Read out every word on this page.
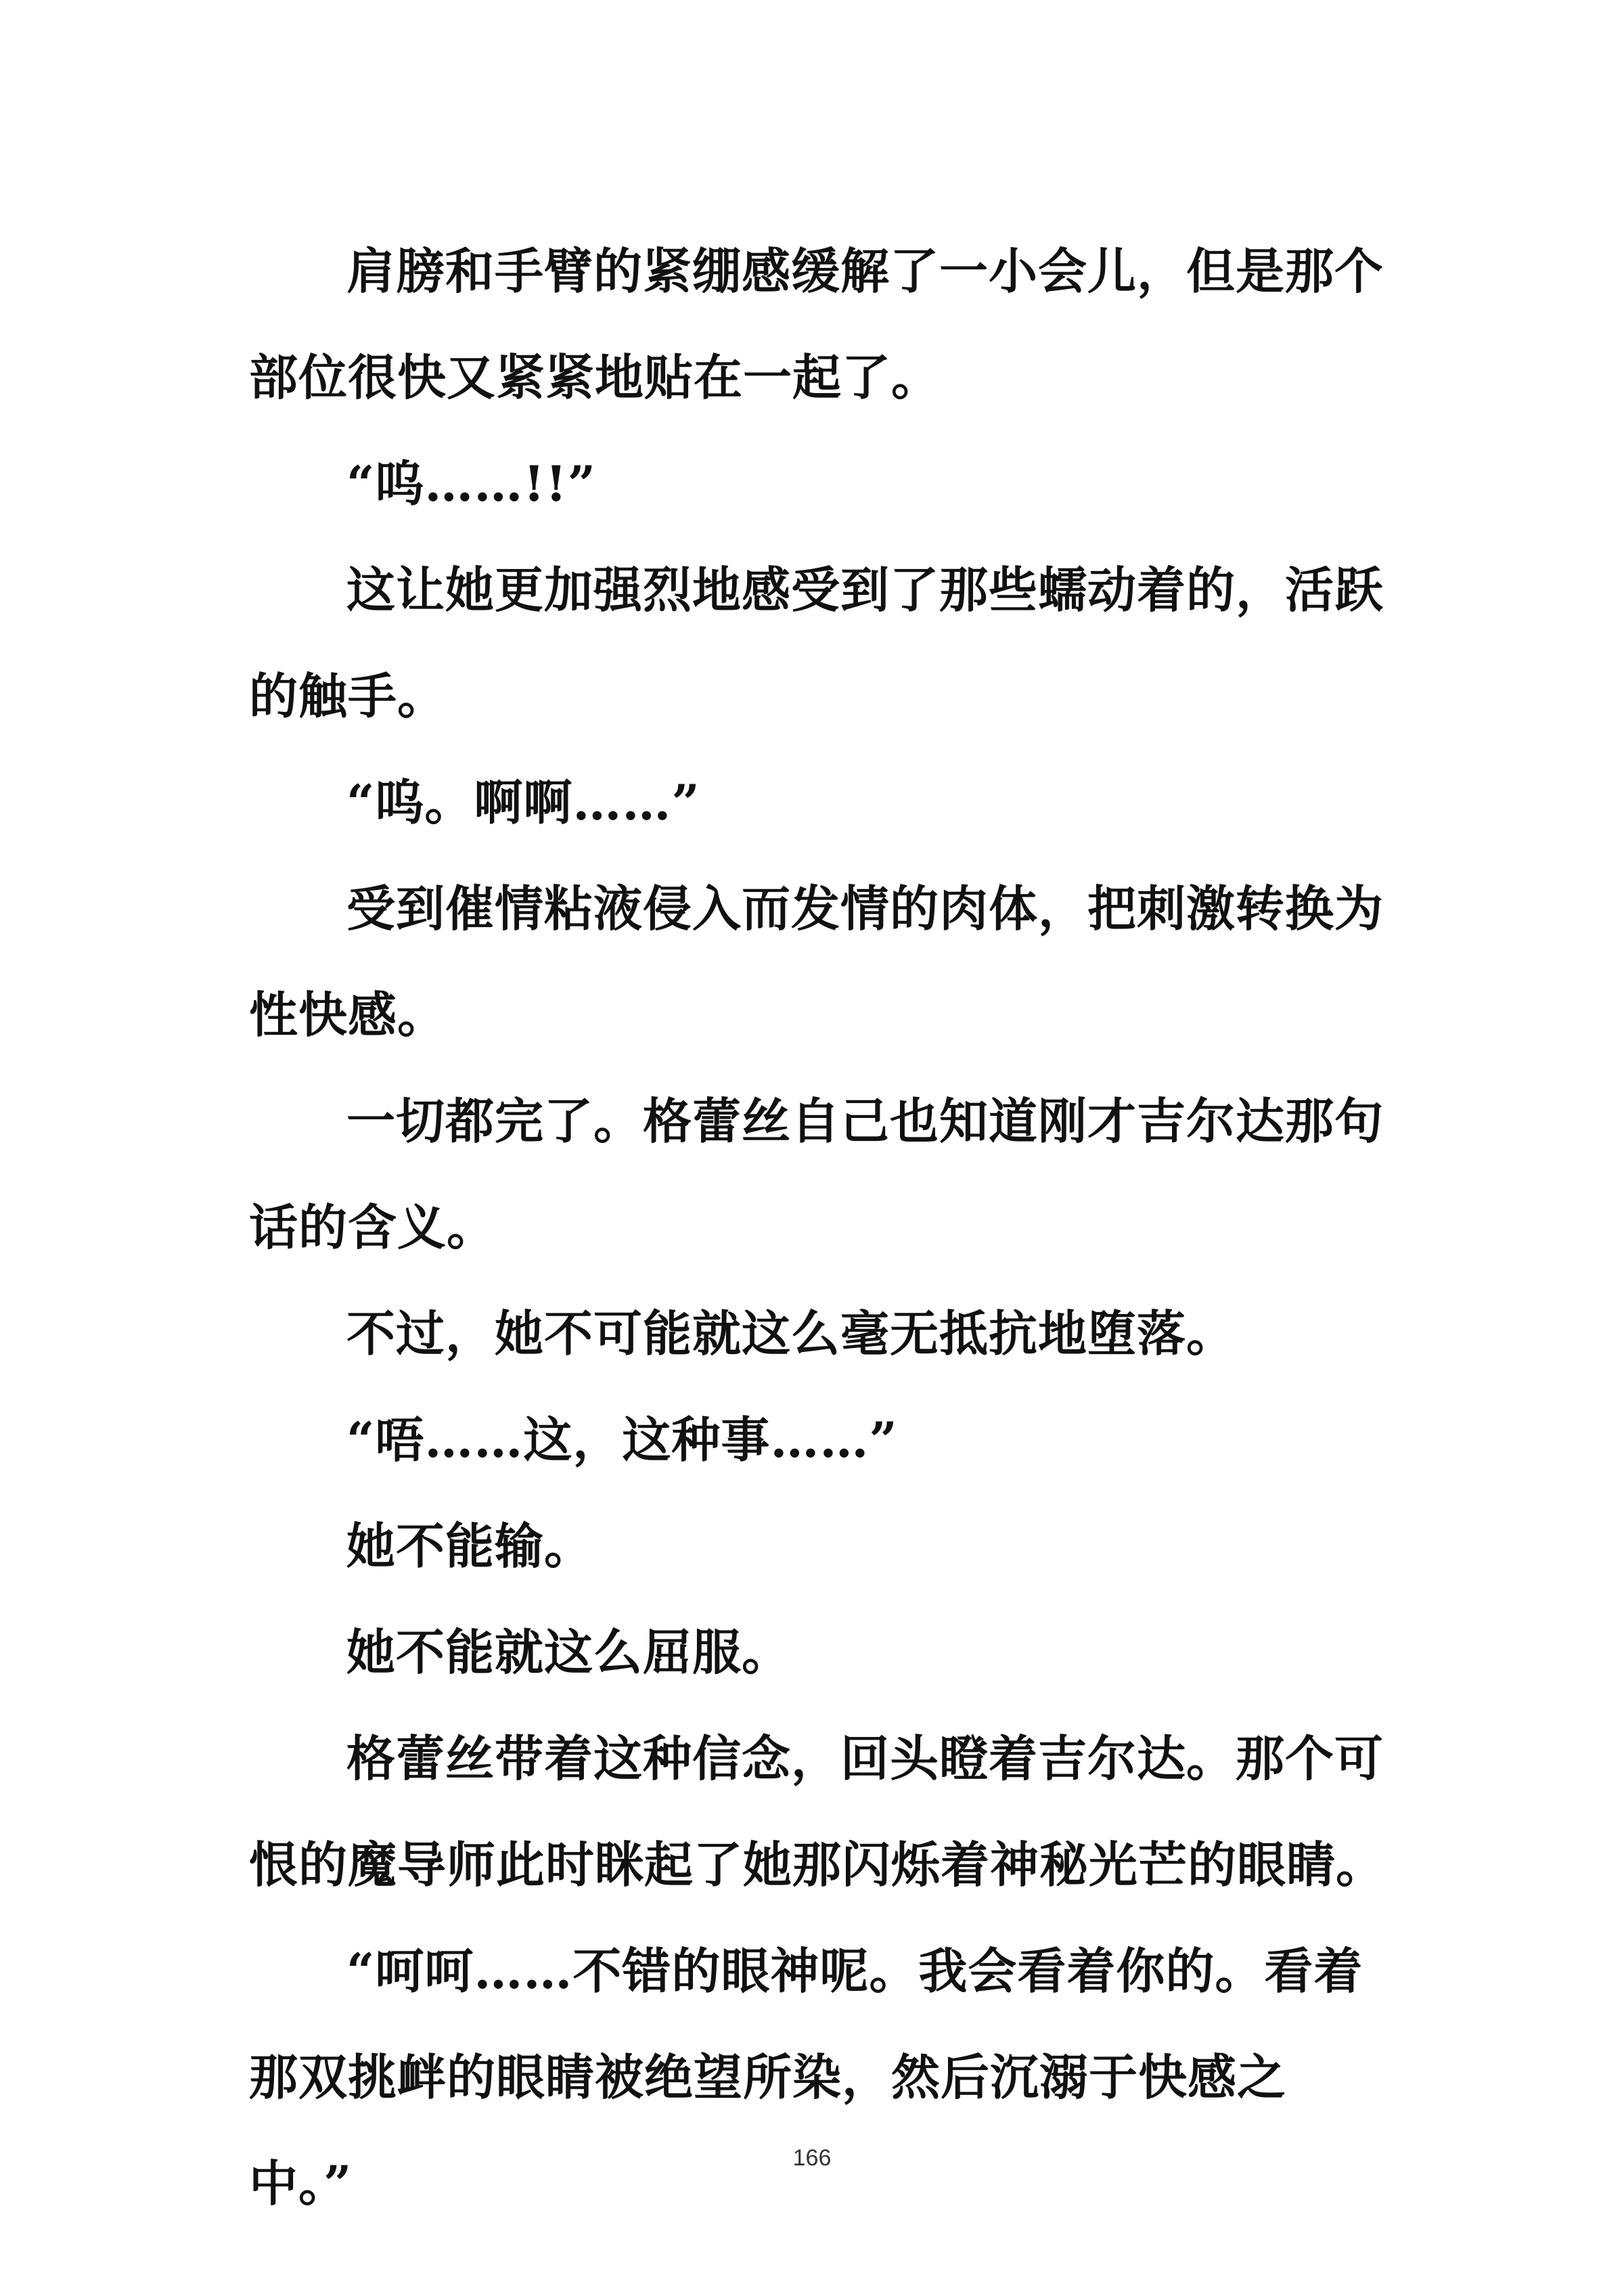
肩膀和手臂的紧绷感缓解了一小会儿，但是那个部位很快又紧紧地贴在一起了。

“呜……!!”

这让她更加强烈地感受到了那些蠕动着的，活跃的触手。

“呜。啊啊……”

受到催情粘液侵入而发情的肉体，把刺激转换为性快感。

一切都完了。格蕾丝自己也知道刚才吉尔达那句话的含义。

不过，她不可能就这么毫无抵抗地堕落。

“唔……这，这种事……”

她不能输。

她不能就这么屈服。

格蕾丝带着这种信念，回头瞪着吉尔达。那个可恨的魔导师此时眯起了她那闪烁着神秘光芒的眼睛。

“呵呵……不错的眼神呢。我会看着你的。看着那双挑衅的眼睛被绝望所染，然后沉溺于快感之中。”	166
